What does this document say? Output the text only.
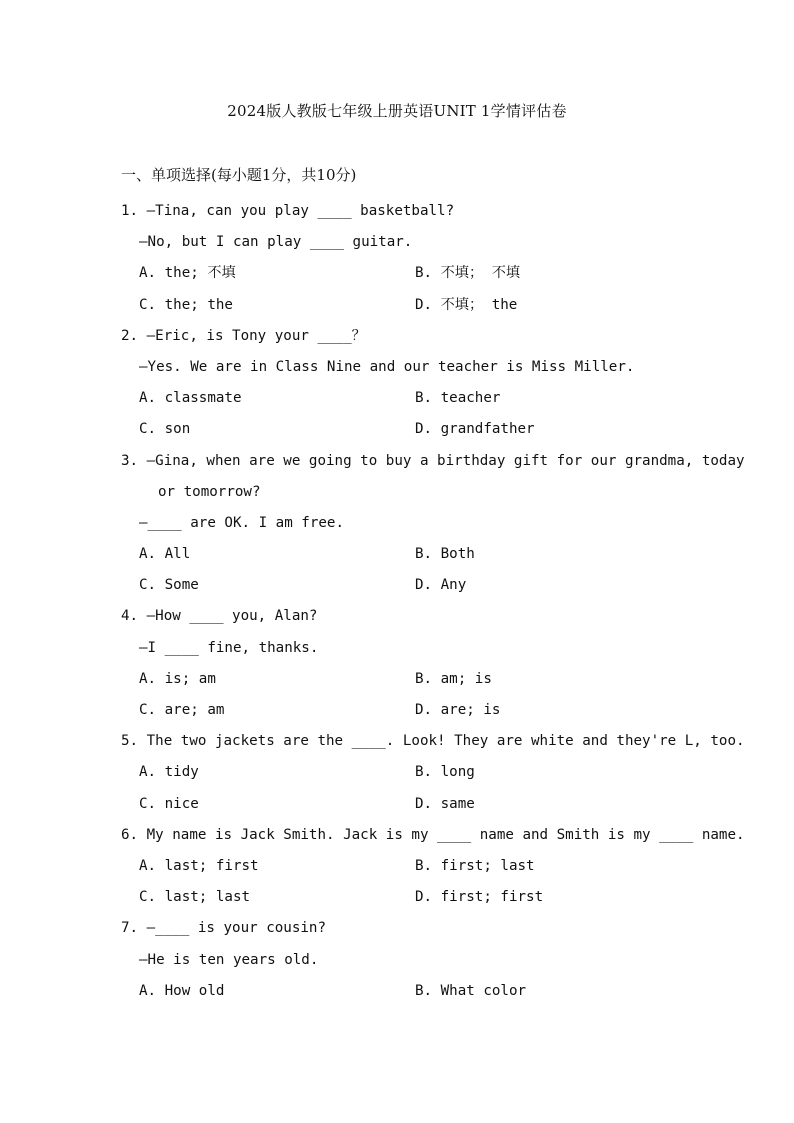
2024版人教版七年级上册英语UNIT 1学情评估卷
一、单项选择(每小题1分，共10分)
1. —Tina, can you play ____ basketball?
—No, but I can play ____ guitar.
A. the; 不填	B. 不填； 不填
C. the; the	D. 不填； the
2. —Eric, is Tony your ____？
—Yes. We are in Class Nine and our teacher is Miss Miller.
A. classmate	B. teacher
C. son	D. grandfather
3. —Gina, when are we going to buy a birthday gift for our grandma, today
or tomorrow?
—____ are OK. I am free.
A. All	B. Both
C. Some	D. Any
4. —How ____ you, Alan?
—I ____ fine, thanks.
A. is; am	B. am; is
C. are; am	D. are; is
5. The two jackets are the ____. Look! They are white and they're L, too.
A. tidy	B. long
C. nice	D. same
6. My name is Jack Smith. Jack is my ____ name and Smith is my ____ name.
A. last; first	B. first; last
C. last; last	D. first; first
7. —____ is your cousin?
—He is ten years old.
A. How old	B. What color
